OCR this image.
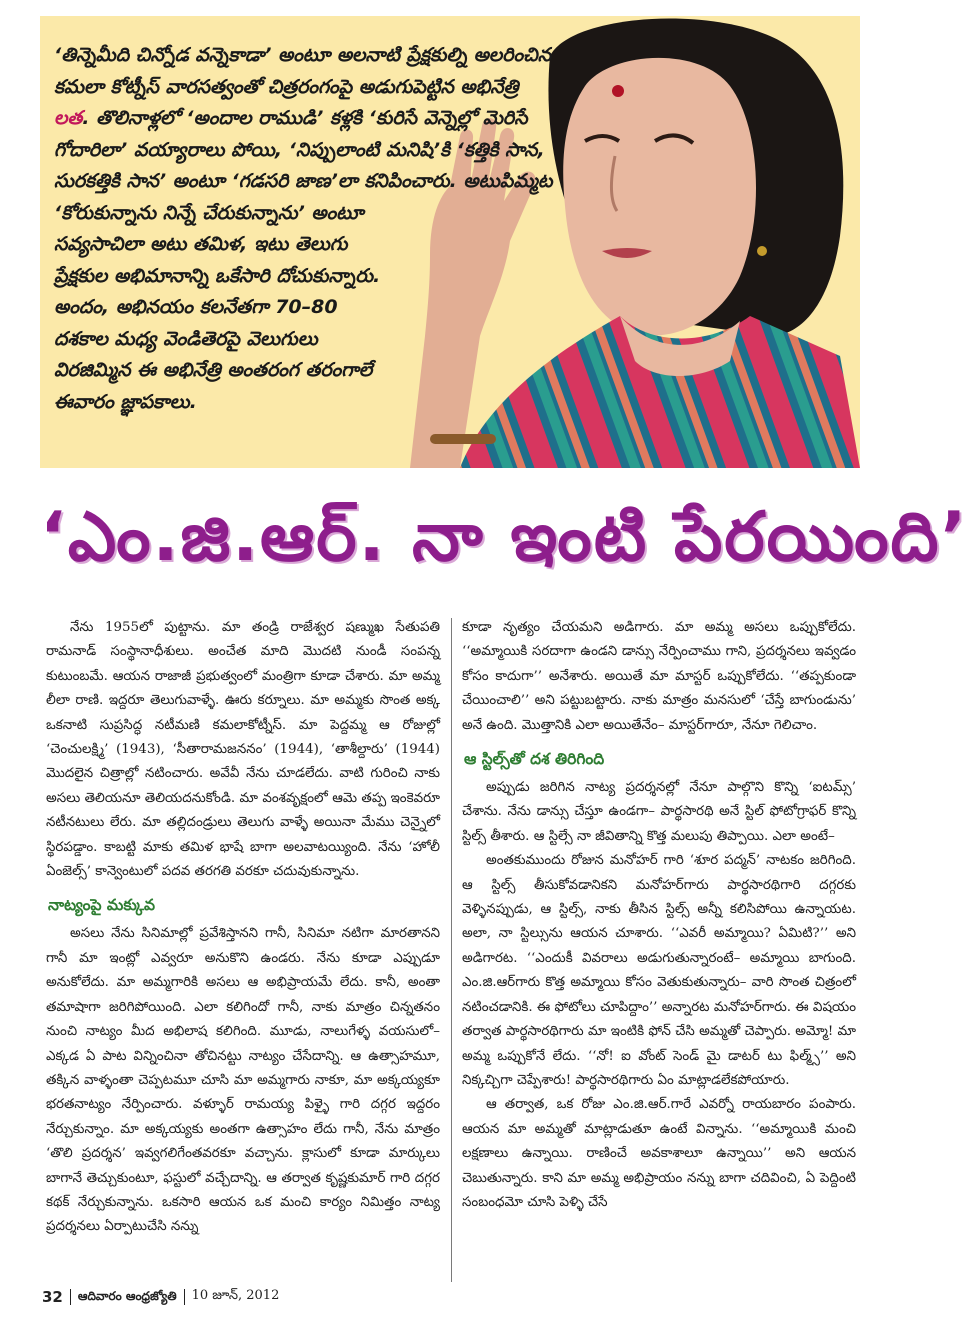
‘తిన్నెమీది చిన్నోడ వన్నెకాడా’ అంటూ అలనాటి ప్రేక్షకుల్ని అలరించిన కమలా కోట్నీస్ వారసత్వంతో చిత్రరంగంపై అడుగుపెట్టిన అభినేత్రి లత. తొలినాళ్లలో ‘అందాల రాముడి’ కళ్లకి ‘కురిసే వెన్నెల్లో మెరిసే గోదారిలా’ వయ్యారాలు పోయి, ‘నిప్పులాంటి మనిషి’కి ‘కత్తికి సాన, సురకత్తికి సాన’ అంటూ ‘గడసరి జాణ’లా కనిపించారు. అటుపిమ్మట ‘కోరుకున్నాను నిన్నే చేరుకున్నాను’ అంటూ

సవ్యసాచిలా అటు తమిళ, ఇటు తెలుగు ప్రేక్షకుల అభిమానాన్ని ఒకేసారి దోచుకున్నారు. అందం, అభినయం కలనేతగా 70–80 దశకాల మధ్య వెండితెరపై వెలుగులు విరజిమ్మిన ఈ అభినేత్రి అంతరంగ తరంగాలే ఈవారం జ్ఞాపకాలు.

‘ఎం.జి.ఆర్. నా ఇంటి పేరయింది’

నేను 1955లో పుట్టాను. మా తండ్రి రాజేశ్వర షణ్ముఖ సేతుపతి రామనాడ్ సంస్థానాధీశులు. అంచేత మాది మొదటి నుండీ సంపన్న కుటుంబమే. ఆయన రాజాజీ ప్రభుత్వంలో మంత్రిగా కూడా చేశారు. మా అమ్మ లీలా రాణి. ఇద్దరూ తెలుగువాళ్ళే. ఊరు కర్నూలు. మా అమ్మకు సొంత అక్క ఒకనాటి సుప్రసిద్ధ నటీమణి కమలాకోట్నీస్‌. మా పెద్దమ్మ ఆ రోజుల్లో ‘చెంచులక్ష్మి’ (1943), ‘సీతారామజననం’ (1944), ‘తాశీల్దారు’ (1944) మొదలైన చిత్రాల్లో నటించారు. అవేవీ నేను చూడలేదు. వాటి గురించి నాకు అసలు తెలియనూ తెలియదనుకోండి. మా వంశవృక్షంలో ఆమె తప్ప ఇంకెవరూ నటీనటులు లేరు. మా తల్లిదండ్రులు తెలుగు వాళ్ళే అయినా మేము చెన్నైలో స్థిరపడ్డాం. కాబట్టి మాకు తమిళ భాషే బాగా అలవాటయ్యింది. నేను ‘హోలీ ఏంజెల్స్‌’ కాన్వెంటులో పదవ తరగతి వరకూ చదువుకున్నాను.

నాట్యంపై మక్కువ

అసలు నేను సినిమాల్లో ప్రవేశిస్తానని గానీ, సినిమా నటిగా మారతానని గానీ మా ఇంట్లో ఎవ్వరూ అనుకొని ఉండరు. నేను కూడా ఎప్పుడూ అనుకోలేదు. మా అమ్మగారికి అసలు ఆ అభిప్రాయమే లేదు. కానీ, అంతా తమాషాగా జరిగిపోయింది. ఎలా కలిగిందో గానీ, నాకు మాత్రం చిన్నతనం నుంచి నాట్యం మీద అభిలాష కలిగింది. మూడు, నాలుగేళ్ళ వయసులో– ఎక్కడ ఏ పాట విన్నించినా తోచినట్టు నాట్యం చేసేదాన్ని. ఆ ఉత్సాహమూ, తక్కిన వాళ్ళంతా చెప్పటమూ చూసి మా అమ్మగారు నాకూ, మా అక్కయ్యకూ భరతనాట్యం నేర్పించారు. వళ్ళూర్ రామయ్య పిళ్ళై గారి దగ్గర ఇద్దరం నేర్చుకున్నాం. మా అక్కయ్యకు అంతగా ఉత్సాహం లేదు గానీ, నేను మాత్రం ‘తొలి ప్రదర్శన’ ఇవ్వగలిగేంతవరకూ వచ్చాను. క్లాసులో కూడా మార్కులు బాగానే తెచ్చుకుంటూ, ఫస్టులో వచ్చేదాన్ని. ఆ తర్వాత కృష్ణకుమార్ గారి దగ్గర కథక్ నేర్చుకున్నాను. ఒకసారి ఆయన ఒక మంచి కార్యం నిమిత్తం నాట్య ప్రదర్శనలు ఏర్పాటుచేసి నన్ను

కూడా నృత్యం చేయమని అడిగారు. మా అమ్మ అసలు ఒప్పుకోలేదు. ‘‘అమ్మాయికి సరదాగా ఉండని డాన్సు నేర్పించాము గాని, ప్రదర్శనలు ఇవ్వడం కోసం కాదుగా’’ అనేశారు. అయితే మా మాస్టర్ ఒప్పుకోలేదు. ‘‘తప్పకుండా చేయించాలి’’ అని పట్టుబట్టారు. నాకు మాత్రం మనసులో ‘చేస్తే బాగుండును’ అనే ఉంది. మొత్తానికి ఎలా అయితేనేం– మాస్టర్‌గారూ, నేనూ గెలిచాం.

ఆ స్టిల్స్‌తో దశ తిరిగింది

అప్పుడు జరిగిన నాట్య ప్రదర్శనల్లో నేనూ పాల్గొని కొన్ని ‘ఐటమ్స్’ చేశాను. నేను డాన్సు చేస్తూ ఉండగా– పార్థసారథి అనే స్టిల్ ఫోటోగ్రాఫర్ కొన్ని స్టిల్స్ తీశారు. ఆ స్టిల్సే నా జీవితాన్ని కొత్త మలుపు తిప్పాయి. ఎలా అంటే–

అంతకుముందు రోజున మనోహర్ గారి ‘శూర పద్మన్’ నాటకం జరిగింది. ఆ స్టిల్స్ తీసుకోవడానికని మనోహర్‌గారు పార్థసారథిగారి దగ్గరకు వెళ్ళినప్పుడు, ఆ స్టిల్స్, నాకు తీసిన స్టిల్స్ అన్నీ కలిసిపోయి ఉన్నాయట. అలా, నా స్టిల్సును ఆయన చూశారు. ‘‘ఎవరీ అమ్మాయి? ఏమిటి?’’ అని అడిగారట. ‘‘ఎందుకీ వివరాలు అడుగుతున్నారంటే– అమ్మాయి బాగుంది. ఎం.జి.ఆర్‌గారు కొత్త అమ్మాయి కోసం వెతుకుతున్నారు– వారి సొంత చిత్రంలో నటించడానికి. ఈ ఫోటోలు చూపిద్దాం’’ అన్నారట మనోహర్‌గారు. ఈ విషయం తర్వాత పార్థసారథిగారు మా ఇంటికి ఫోన్ చేసి అమ్మతో చెప్పారు. అమ్మో! మా అమ్మ ఒప్పుకోనే లేదు. ‘‘నో! ఐ వోంట్ సెండ్ మై డాటర్ టు ఫిల్మ్స్’’ అని నిక్కచ్చిగా చెప్పేశారు! పార్థసారథిగారు ఏం మాట్లాడలేకపోయారు.

ఆ తర్వాత, ఒక రోజు ఎం.జి.ఆర్.గారే ఎవర్నో రాయబారం పంపారు. ఆయన మా అమ్మతో మాట్లాడుతూ ఉంటే విన్నాను. ‘‘అమ్మాయికి మంచి లక్షణాలు ఉన్నాయి. రాణించే అవకాశాలూ ఉన్నాయి’’ అని ఆయన చెబుతున్నారు. కాని మా అమ్మ అభిప్రాయం నన్ను బాగా చదివించి, ఏ పెద్దింటి సంబంధమో చూసి పెళ్ళి చేసే

32 ఆదివారం ఆంధ్రజ్యోతి 10 జూన్, 2012
